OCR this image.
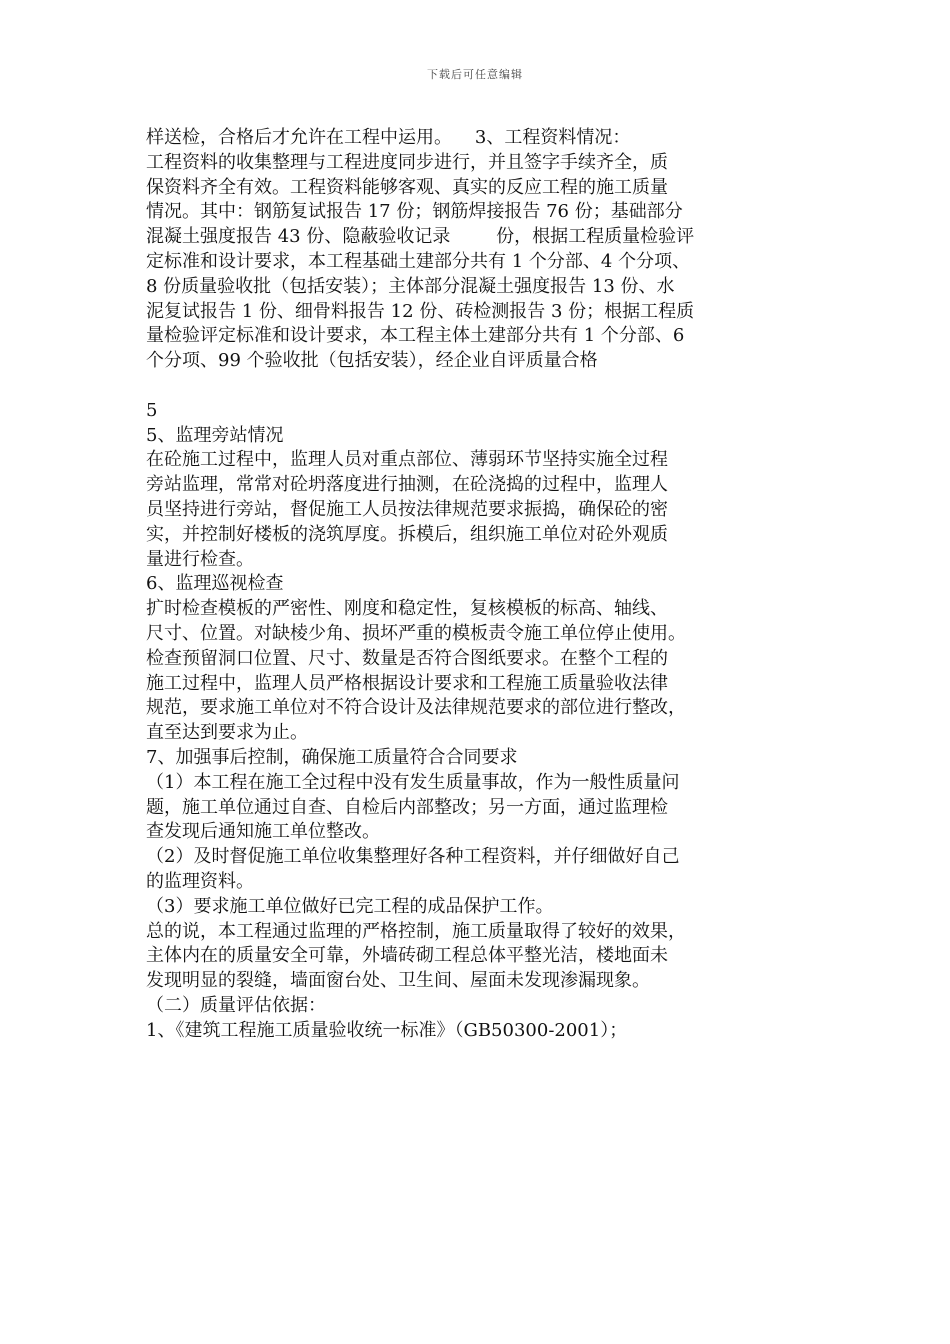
下载后可任意编辑
样送检，合格后才允许在工程中运用。    3、工程资料情况：
工程资料的收集整理与工程进度同步进行，并且签字手续齐全，质
保资料齐全有效。工程资料能够客观、真实的反应工程的施工质量
情况。其中：钢筋复试报告 17 份；钢筋焊接报告 76 份；基础部分
混凝土强度报告 43 份、隐蔽验收记录        份，根据工程质量检验评
定标准和设计要求，本工程基础土建部分共有 1 个分部、4 个分项、
8 份质量验收批（包括安装）；主体部分混凝土强度报告 13 份、水
泥复试报告 1 份、细骨料报告 12 份、砖检测报告 3 份；根据工程质
量检验评定标准和设计要求，本工程主体土建部分共有 1 个分部、6
个分项、99 个验收批（包括安装），经企业自评质量合格
5
5、监理旁站情况
在砼施工过程中，监理人员对重点部位、薄弱环节坚持实施全过程
旁站监理，常常对砼坍落度进行抽测，在砼浇捣的过程中，监理人
员坚持进行旁站，督促施工人员按法律规范要求振捣，确保砼的密
实，并控制好楼板的浇筑厚度。拆模后，组织施工单位对砼外观质
量进行检查。
6、监理巡视检查
扩时检查模板的严密性、刚度和稳定性，复核模板的标高、轴线、
尺寸、位置。对缺棱少角、损坏严重的模板责令施工单位停止使用。
检查预留洞口位置、尺寸、数量是否符合图纸要求。在整个工程的
施工过程中，监理人员严格根据设计要求和工程施工质量验收法律
规范，要求施工单位对不符合设计及法律规范要求的部位进行整改，
直至达到要求为止。
7、加强事后控制，确保施工质量符合合同要求
（1）本工程在施工全过程中没有发生质量事故，作为一般性质量问
题，施工单位通过自查、自检后内部整改；另一方面，通过监理检
查发现后通知施工单位整改。
（2）及时督促施工单位收集整理好各种工程资料，并仔细做好自己
的监理资料。
（3）要求施工单位做好已完工程的成品保护工作。
总的说，本工程通过监理的严格控制，施工质量取得了较好的效果，
主体内在的质量安全可靠，外墙砖砌工程总体平整光洁，楼地面未
发现明显的裂缝，墙面窗台处、卫生间、屋面未发现渗漏现象。
（二）质量评估依据：
1、《建筑工程施工质量验收统一标准》（GB50300-2001）；
